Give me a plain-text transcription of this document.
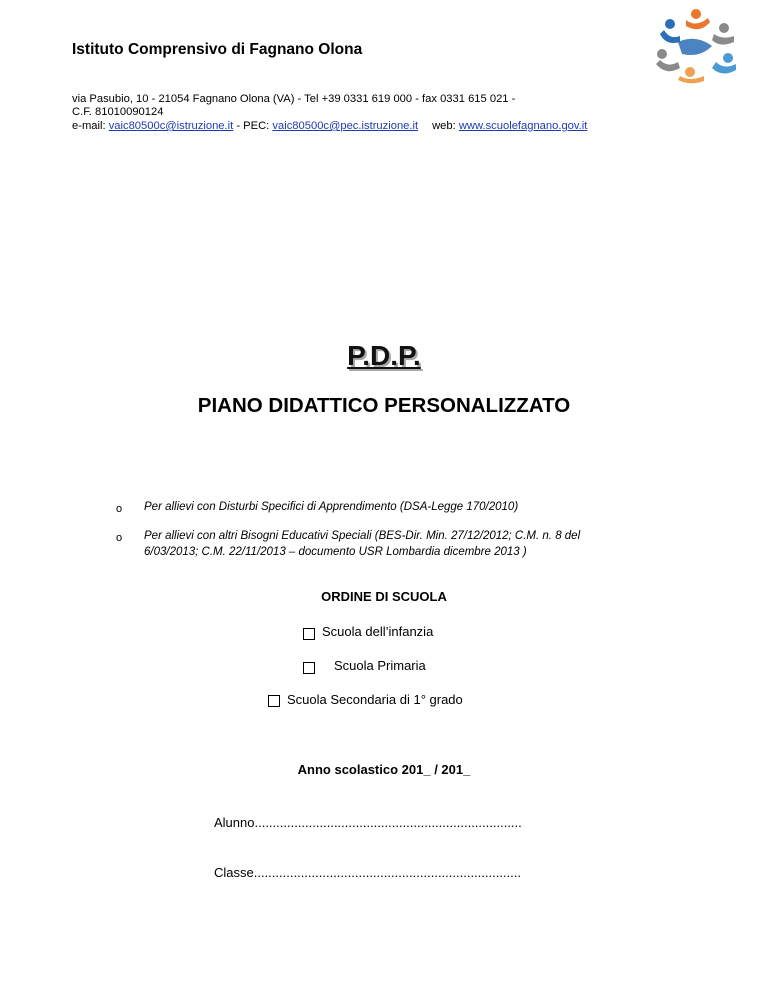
Istituto Comprensivo di Fagnano Olona
via Pasubio, 10 - 21054 Fagnano Olona (VA) - Tel +39 0331 619 000 - fax 0331 615 021 -
C.F. 81010090124
e-mail: vaic80500c@istruzione.it - PEC: vaic80500c@pec.istruzione.it web: www.scuolefagnano.gov.it
P.D.P.
PIANO DIDATTICO PERSONALIZZATO
o Per allievi con Disturbi Specifici di Apprendimento (DSA-Legge 170/2010)
o Per allievi con altri Bisogni Educativi Speciali (BES-Dir. Min. 27/12/2012; C.M. n. 8 del
6/03/2013; C.M. 22/11/2013 – documento USR Lombardia dicembre 2013 )
ORDINE DI SCUOLA
Scuola dell’infanzia
Scuola Primaria
Scuola Secondaria di 1° grado
Anno scolastico 201_ / 201_
Alunno..........................................................................
Classe..........................................................................
